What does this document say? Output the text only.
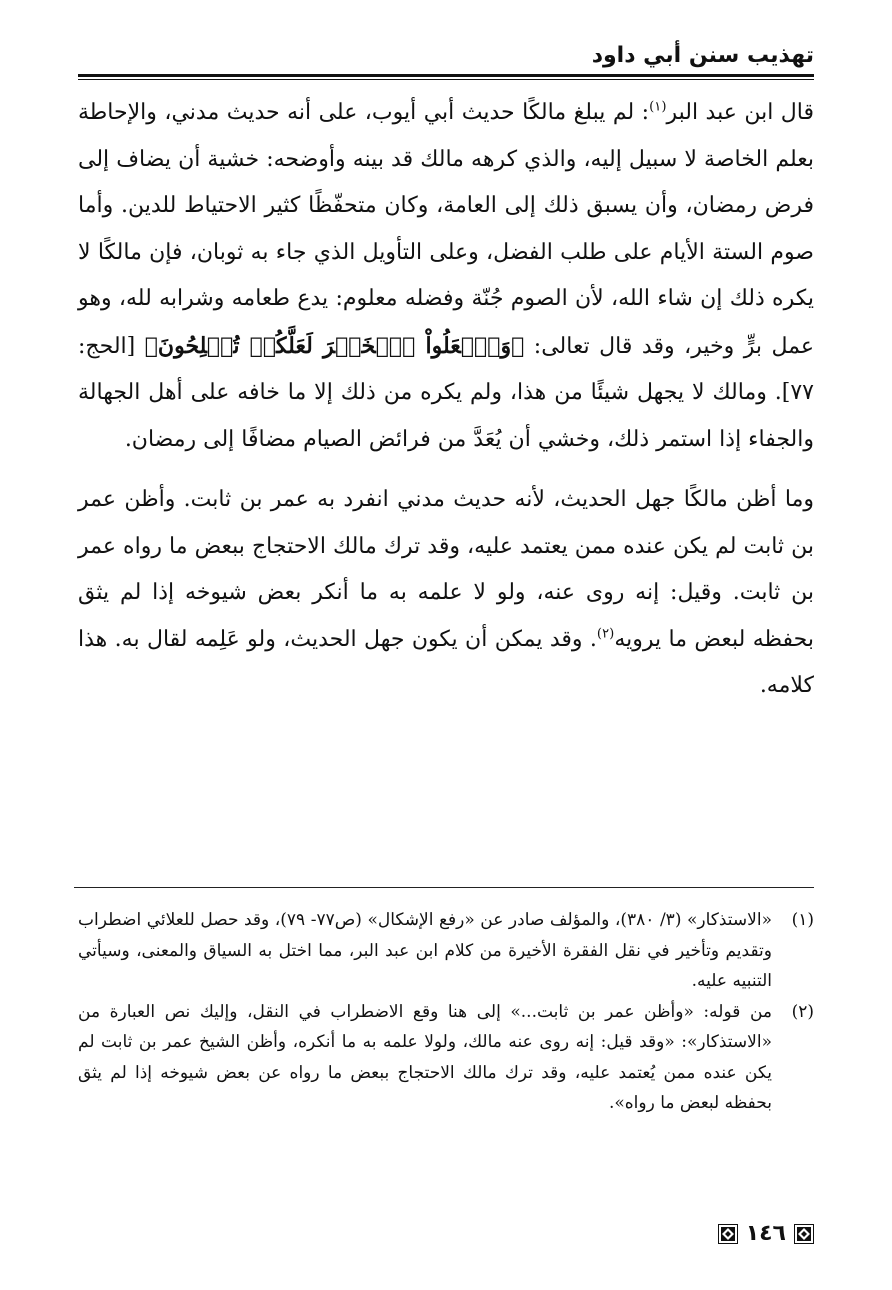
تهذيب سنن أبي داود

قال ابن عبد البر$^{(١)}$: لم يبلغ مالكًا حديث أبي أيوب، على أنه حديث مدني، والإحاطة بعلم الخاصة لا سبيل إليه، والذي كرهه مالك قد بينه وأوضحه: خشية أن يضاف إلى فرض رمضان، وأن يسبق ذلك إلى العامة، وكان متحفّظًا كثير الاحتياط للدين. وأما صوم الستة الأيام على طلب الفضل، وعلى التأويل الذي جاء به ثوبان، فإن مالكًا لا يكره ذلك إن شاء الله، لأن الصوم جُنّة وفضله معلوم: يدع طعامه وشرابه لله، وهو عمل برٍّ وخير، وقد قال تعالى: ﴿وَٱفۡعَلُواْ ٱلۡخَيۡرَ لَعَلَّكُمۡ تُفۡلِحُونَ﴾ [الحج: ٧٧]. ومالك لا يجهل شيئًا من هذا، ولم يكره من ذلك إلا ما خافه على أهل الجهالة والجفاء إذا استمر ذلك، وخشي أن يُعَدَّ من فرائض الصيام مضافًا إلى رمضان.

وما أظن مالكًا جهل الحديث، لأنه حديث مدني انفرد به عمر بن ثابت. وأظن عمر بن ثابت لم يكن عنده ممن يعتمد عليه، وقد ترك مالك الاحتجاج ببعض ما رواه عمر بن ثابت. وقيل: إنه روى عنه، ولو لا علمه به ما أنكر بعض شيوخه إذا لم يثق بحفظه لبعض ما يرويه$^{(٢)}$. وقد يمكن أن يكون جهل الحديث، ولو عَلِمه لقال به. هذا كلامه.

(١)
«الاستذكار» (٣/ ٣٨٠)، والمؤلف صادر عن «رفع الإشكال» (ص٧٧- ٧٩)، وقد حصل للعلائي اضطراب وتقديم وتأخير في نقل الفقرة الأخيرة من كلام ابن عبد البر، مما اختل به السياق والمعنى، وسيأتي التنبيه عليه.
(٢)
من قوله: «وأظن عمر بن ثابت...» إلى هنا وقع الاضطراب في النقل، وإليك نص العبارة من «الاستذكار»: «وقد قيل: إنه روى عنه مالك، ولولا علمه به ما أنكره، وأظن الشيخ عمر بن ثابت لم يكن عنده ممن يُعتمد عليه، وقد ترك مالك الاحتجاج ببعض ما رواه عن بعض شيوخه إذا لم يثق بحفظه لبعض ما رواه».
١٤٦
